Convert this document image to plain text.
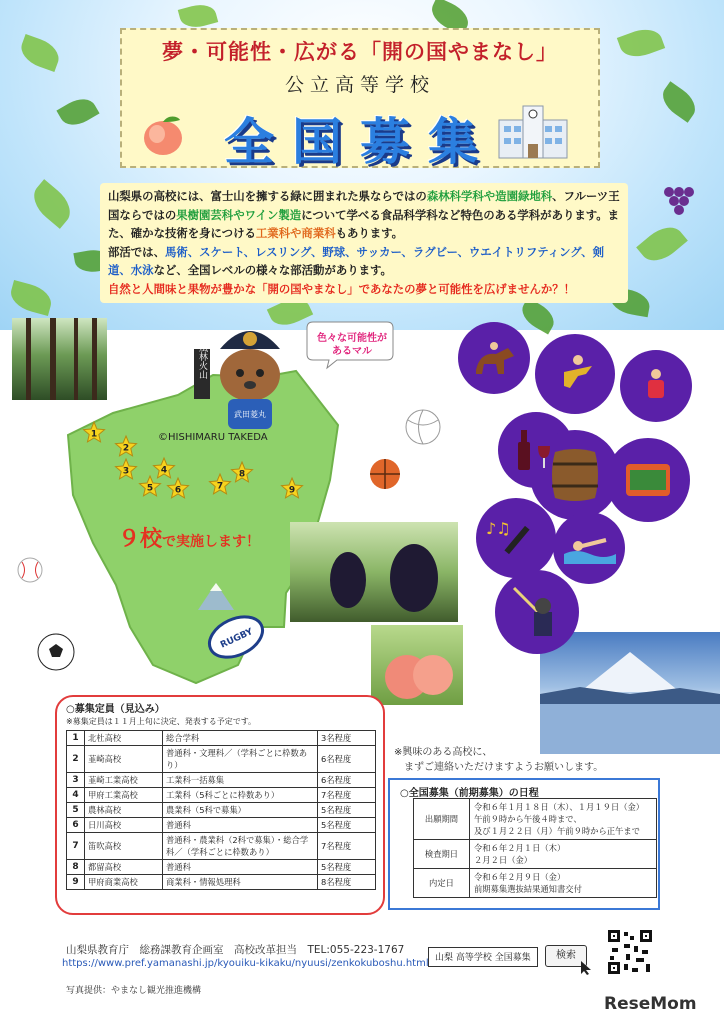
夢・可能性・広がる「開の国やまなし」
公立高等学校
全国募集
山梨県の高校には、富士山を擁する緑に囲まれた県ならではの森林科学科や造園緑地科、フルーツ王国ならではの果樹園芸科やワイン製造について学べる食品科学科など特色のある学科があります。また、確かな技術を身につける工業科や商業科もあります。
部活では、馬術、スケート、レスリング、野球、サッカー、ラグビー、ウエイトリフティング、剣道、水泳など、全国レベルの様々な部活動があります。
自然と人間味と果物が豊かな「開の国やまなし」であなたの夢と可能性を広げませんか？！
©HISHIMARU TAKEDA
1
2
3	4
5 6	7
8
9
９校で実施します！
風林火山
武田菱丸
色々な可能性があるマル
RUGBY
♪♫
○募集定員（見込み）
※募集定員は１１月上旬に決定、発表する予定です。
1	北杜高校	総合学科	3名程度
2	韮崎高校	普通科・文理科／（学科ごとに枠数あり）	6名程度
3	韮崎工業高校	工業科一括募集	6名程度
4	甲府工業高校	工業科（5科ごとに枠数あり）	7名程度
5	農林高校	農業科（5科で募集）	5名程度
6	日川高校	普通科	5名程度
7	笛吹高校	普通科・農業科（2科で募集）・総合学科／（学科ごとに枠数あり）	7名程度
8	都留高校	普通科	5名程度
9	甲府商業高校	商業科・情報処理科	8名程度
※興味のある高校に、
まずご連絡いただけますようお願いします。
○全国募集（前期募集）の日程
出願期間	令和６年１月１８日（木）、１月１９日（金）
午前９時から午後４時まで、
及び１月２２日（月）午前９時から正午まで

検査期日	令和６年２月１日（木）
２月２日（金）

内定日	令和６年２月９日（金）
前期募集選抜結果通知書交付
山梨県教育庁　総務課教育企画室　高校改革担当　TEL:055-223-1767
https://www.pref.yamanashi.jp/kyouiku-kikaku/nyuusi/zenkokuboshu.html 山梨 高等学校 全国募集	検索
写真提供：やまなし観光推進機構
ReseMom
